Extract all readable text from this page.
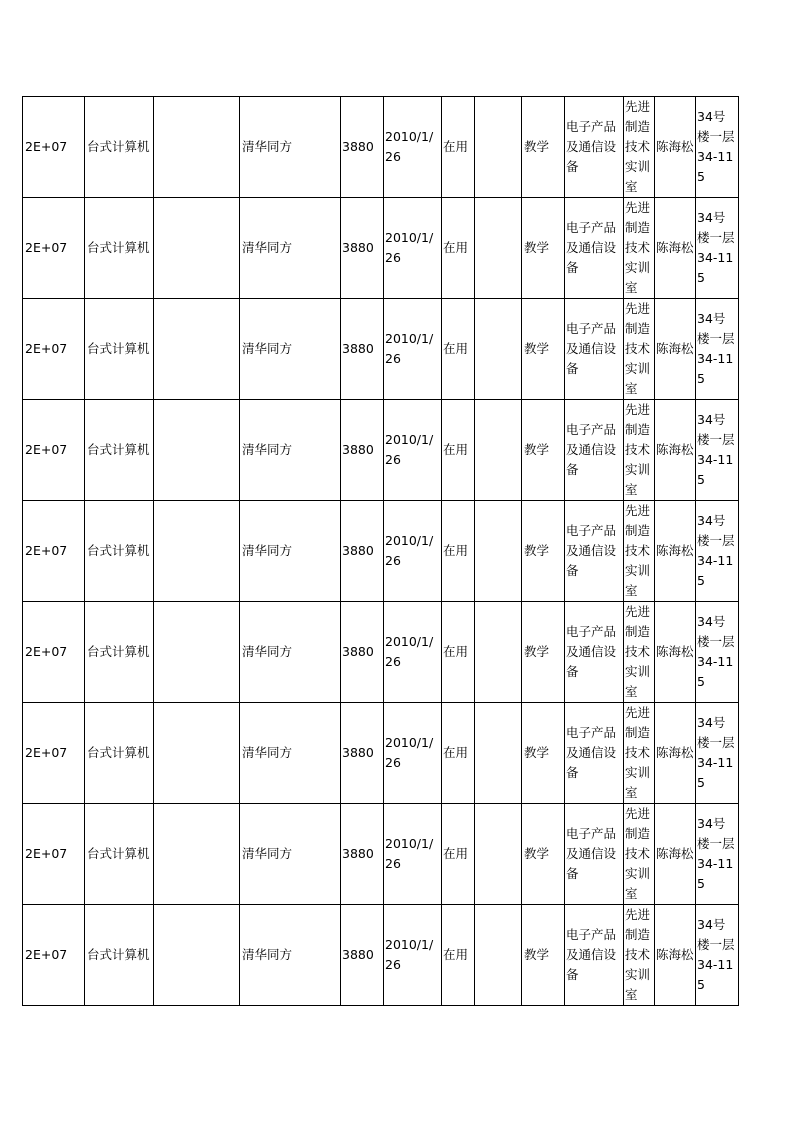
2E+07	台式计算机		清华同方	3880	2010/1/26	在用		教学	电子产品及通信设备	先进制造技术实训室	陈海松	34号楼一层34-115
2E+07	台式计算机		清华同方	3880	2010/1/26	在用		教学	电子产品及通信设备	先进制造技术实训室	陈海松	34号楼一层34-115
2E+07	台式计算机		清华同方	3880	2010/1/26	在用		教学	电子产品及通信设备	先进制造技术实训室	陈海松	34号楼一层34-115
2E+07	台式计算机		清华同方	3880	2010/1/26	在用		教学	电子产品及通信设备	先进制造技术实训室	陈海松	34号楼一层34-115
2E+07	台式计算机		清华同方	3880	2010/1/26	在用		教学	电子产品及通信设备	先进制造技术实训室	陈海松	34号楼一层34-115
2E+07	台式计算机		清华同方	3880	2010/1/26	在用		教学	电子产品及通信设备	先进制造技术实训室	陈海松	34号楼一层34-115
2E+07	台式计算机		清华同方	3880	2010/1/26	在用		教学	电子产品及通信设备	先进制造技术实训室	陈海松	34号楼一层34-115
2E+07	台式计算机		清华同方	3880	2010/1/26	在用		教学	电子产品及通信设备	先进制造技术实训室	陈海松	34号楼一层34-115
2E+07	台式计算机		清华同方	3880	2010/1/26	在用		教学	电子产品及通信设备	先进制造技术实训室	陈海松	34号楼一层34-115
